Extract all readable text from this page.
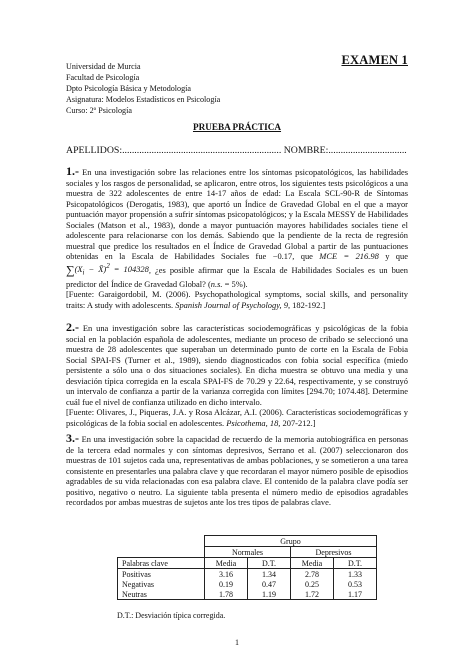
Universidad de Murcia
Facultad de Psicología
Dpto Psicología Básica y Metodología
Asignatura: Modelos Estadísticos en Psicología
Curso: 2º Psicología
EXAMEN 1
PRUEBA PRÁCTICA
APELLIDOS:................................................................. NOMBRE:................................
1.- En una investigación sobre las relaciones entre los síntomas psicopatológicos, las habilidades sociales y los rasgos de personalidad, se aplicaron, entre otros, los siguientes tests psicológicos a una muestra de 322 adolescentes de entre 14-17 años de edad: La Escala SCL-90-R de Síntomas Psicopatológicos (Derogatis, 1983), que aportó un Índice de Gravedad Global en el que a mayor puntuación mayor propensión a sufrir síntomas psicopatológicos; y la Escala MESSY de Habilidades Sociales (Matson et al., 1983), donde a mayor puntuación mayores habilidades sociales tiene el adolescente para relacionarse con los demás. Sabiendo que la pendiente de la recta de regresión muestral que predice los resultados en el Índice de Gravedad Global a partir de las puntuaciones obtenidas en la Escala de Habilidades Sociales fue −0.17, que MCE = 216.98 y que $\sum(X_i$ − X̄)$^2$ = 104328, ¿es posible afirmar que la Escala de Habilidades Sociales es un buen predictor del Índice de Gravedad Global? (n.s. = 5%).
[Fuente: Garaigordobil, M. (2006). Psychopathological symptoms, social skills, and personality traits: A study with adolescents. Spanish Journal of Psychology, 9, 182-192.]
2.- En una investigación sobre las características sociodemográficas y psicológicas de la fobia social en la población española de adolescentes, mediante un proceso de cribado se seleccionó una muestra de 28 adolescentes que superaban un determinado punto de corte en la Escala de Fobia Social SPAI-FS (Turner et al., 1989), siendo diagnosticados con fobia social específica (miedo persistente a sólo una o dos situaciones sociales). En dicha muestra se obtuvo una media y una desviación típica corregida en la escala SPAI-FS de 70.29 y 22.64, respectivamente, y se construyó un intervalo de confianza a partir de la varianza corregida con límites [294.70; 1074.48]. Determine cuál fue el nivel de confianza utilizado en dicho intervalo.
[Fuente: Olivares, J., Piqueras, J.A. y Rosa Alcázar, A.I. (2006). Características sociodemográficas y psicológicas de la fobia social en adolescentes. Psicothema, 18, 207-212.]
3.- En una investigación sobre la capacidad de recuerdo de la memoria autobiográfica en personas de la tercera edad normales y con síntomas depresivos, Serrano et al. (2007) seleccionaron dos muestras de 101 sujetos cada una, representativas de ambas poblaciones, y se sometieron a una tarea consistente en presentarles una palabra clave y que recordaran el mayor número posible de episodios agradables de su vida relacionadas con esa palabra clave. El contenido de la palabra clave podía ser positivo, negativo o neutro. La siguiente tabla presenta el número medio de episodios agradables recordados por ambas muestras de sujetos ante los tres tipos de palabras clave.
	Grupo			
	Normales		Depresivos	
Palabras clave	Media	D.T.	Media	D.T.
Positivas	3.16	1.34	2.78	1.33
Negativas	0.19	0.47	0.25	0.53
Neutras	1.78	1.19	1.72	1.17
D.T.: Desviación típica corregida.
1
